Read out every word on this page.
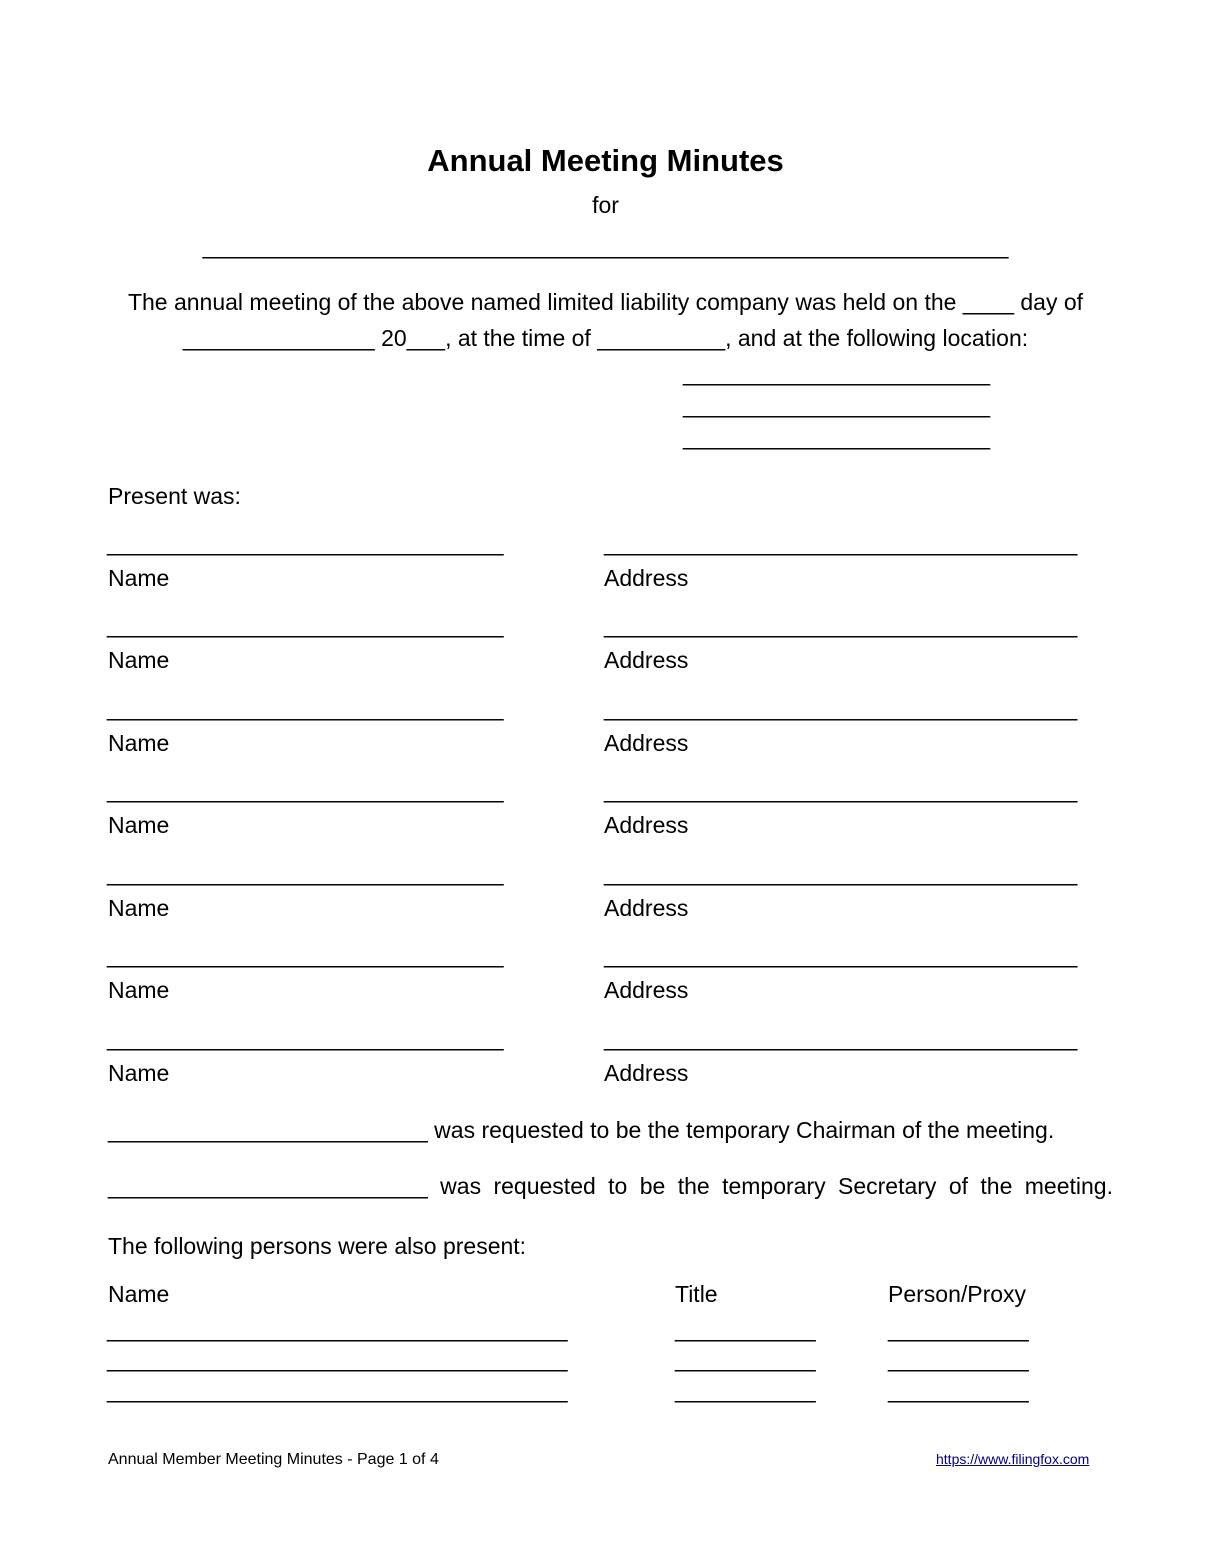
Annual Meeting Minutes
for
_______________________________________________________________
The annual meeting of the above named limited liability company was held on the ____ day of
_______________ 20___, at the time of __________, and at the following location:
________________________
________________________
________________________
Present was:
_______________________________	_____________________________________
Name	Address
_______________________________	_____________________________________
Name	Address
_______________________________	_____________________________________
Name	Address
_______________________________	_____________________________________
Name	Address
_______________________________	_____________________________________
Name	Address
_______________________________	_____________________________________
Name	Address
_______________________________	_____________________________________
Name	Address
_________________________ was requested to be the temporary Chairman of the meeting.
_________________________ was requested to be the temporary Secretary of the meeting.
The following persons were also present:
Name	Title	Person/Proxy
____________________________________	___________	___________
____________________________________	___________	___________
____________________________________	___________	___________
Annual Member Meeting Minutes - Page 1 of 4	https://www.filingfox.com
